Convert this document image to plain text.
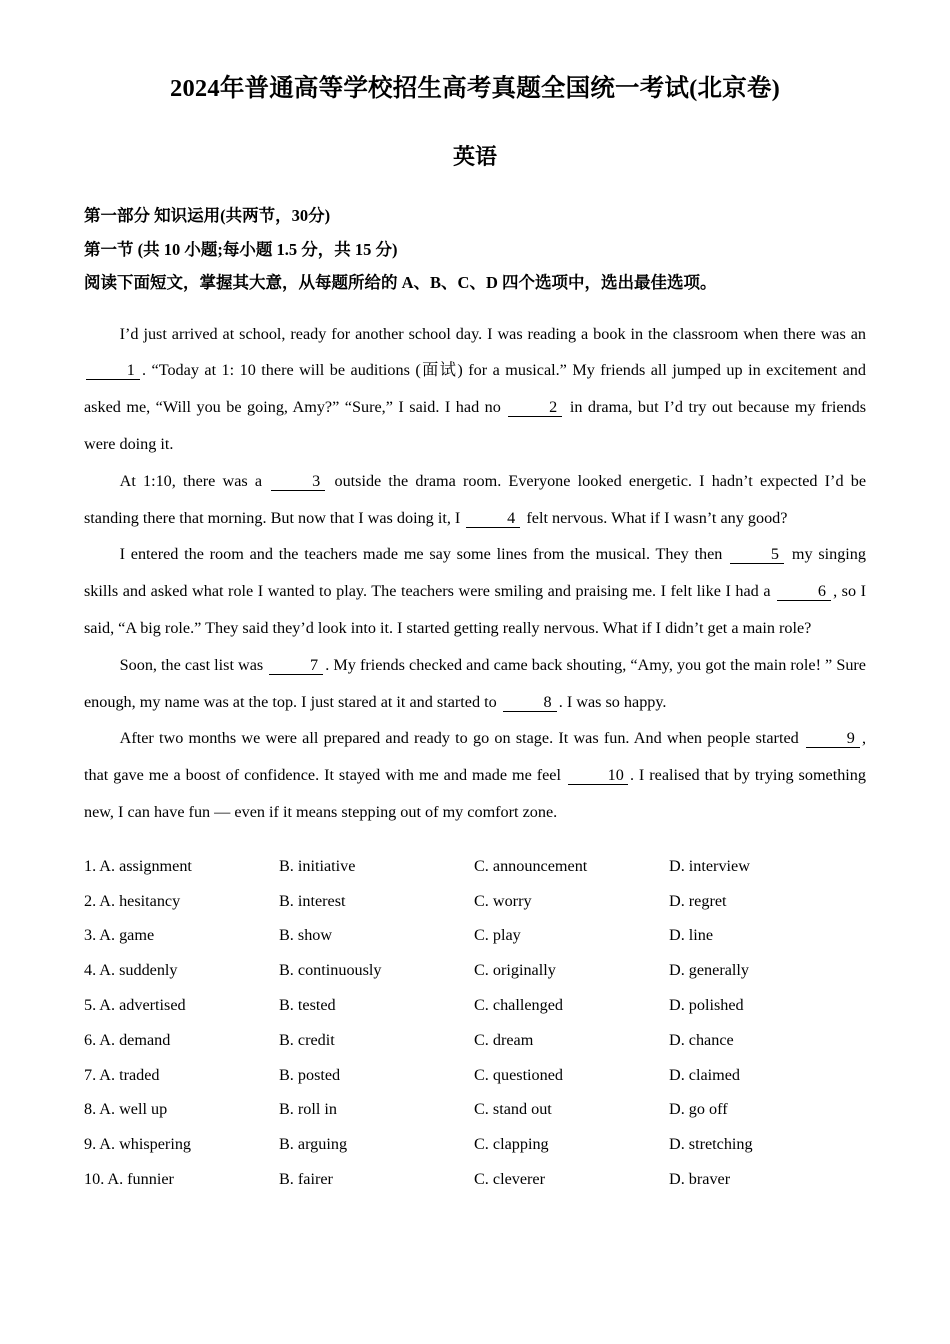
2024年普通高等学校招生高考真题全国统一考试(北京卷)
英语
第一部分 知识运用(共两节，30分)
第一节 (共 10 小题;每小题 1.5 分，共 15 分)
阅读下面短文，掌握其大意，从每题所给的 A、B、C、D 四个选项中，选出最佳选项。

I’d just arrived at school, ready for another school day. I was reading a book in the classroom when there was an 1 . “Today at 1: 10 there will be auditions (面试) for a musical.” My friends all jumped up in excitement and asked me, “Will you be going, Amy?” “Sure,” I said. I had no	2 in drama, but I’d try out because my friends were doing it.

At 1:10, there was a	3 outside the drama room. Everyone looked energetic. I hadn’t expected I’d be standing there that morning. But now that I was doing it, I	4 felt nervous. What if I wasn’t any good?

I entered the room and the teachers made me say some lines from the musical. They then	5 my singing skills and asked what role I wanted to play. The teachers were smiling and praising me. I felt like I had a	6 , so I said, “A big role.” They said they’d look into it. I started getting really nervous. What if I didn’t get a main role?

Soon, the cast list was	7 . My friends checked and came back shouting, “Amy, you got the main role! ” Sure enough, my name was at the top. I just stared at it and started to	8 . I was so happy.

After two months we were all prepared and ready to go on stage. It was fun. And when people started	9 , that gave me a boost of confidence. It stayed with me and made me feel	10 . I realised that by trying something new, I can have fun — even if it means stepping out of my comfort zone.

1. A. assignment	B. initiative	C. announcement	D. interview
2. A. hesitancy	B. interest	C. worry	D. regret
3. A. game	B. show	C. play	D. line
4. A. suddenly	B. continuously	C. originally	D. generally
5. A. advertised	B. tested	C. challenged	D. polished
6. A. demand	B. credit	C. dream	D. chance
7. A. traded	B. posted	C. questioned	D. claimed
8. A. well up	B. roll in	C. stand out	D. go off
9. A. whispering	B. arguing	C. clapping	D. stretching
10. A. funnier	B. fairer	C. cleverer	D. braver
